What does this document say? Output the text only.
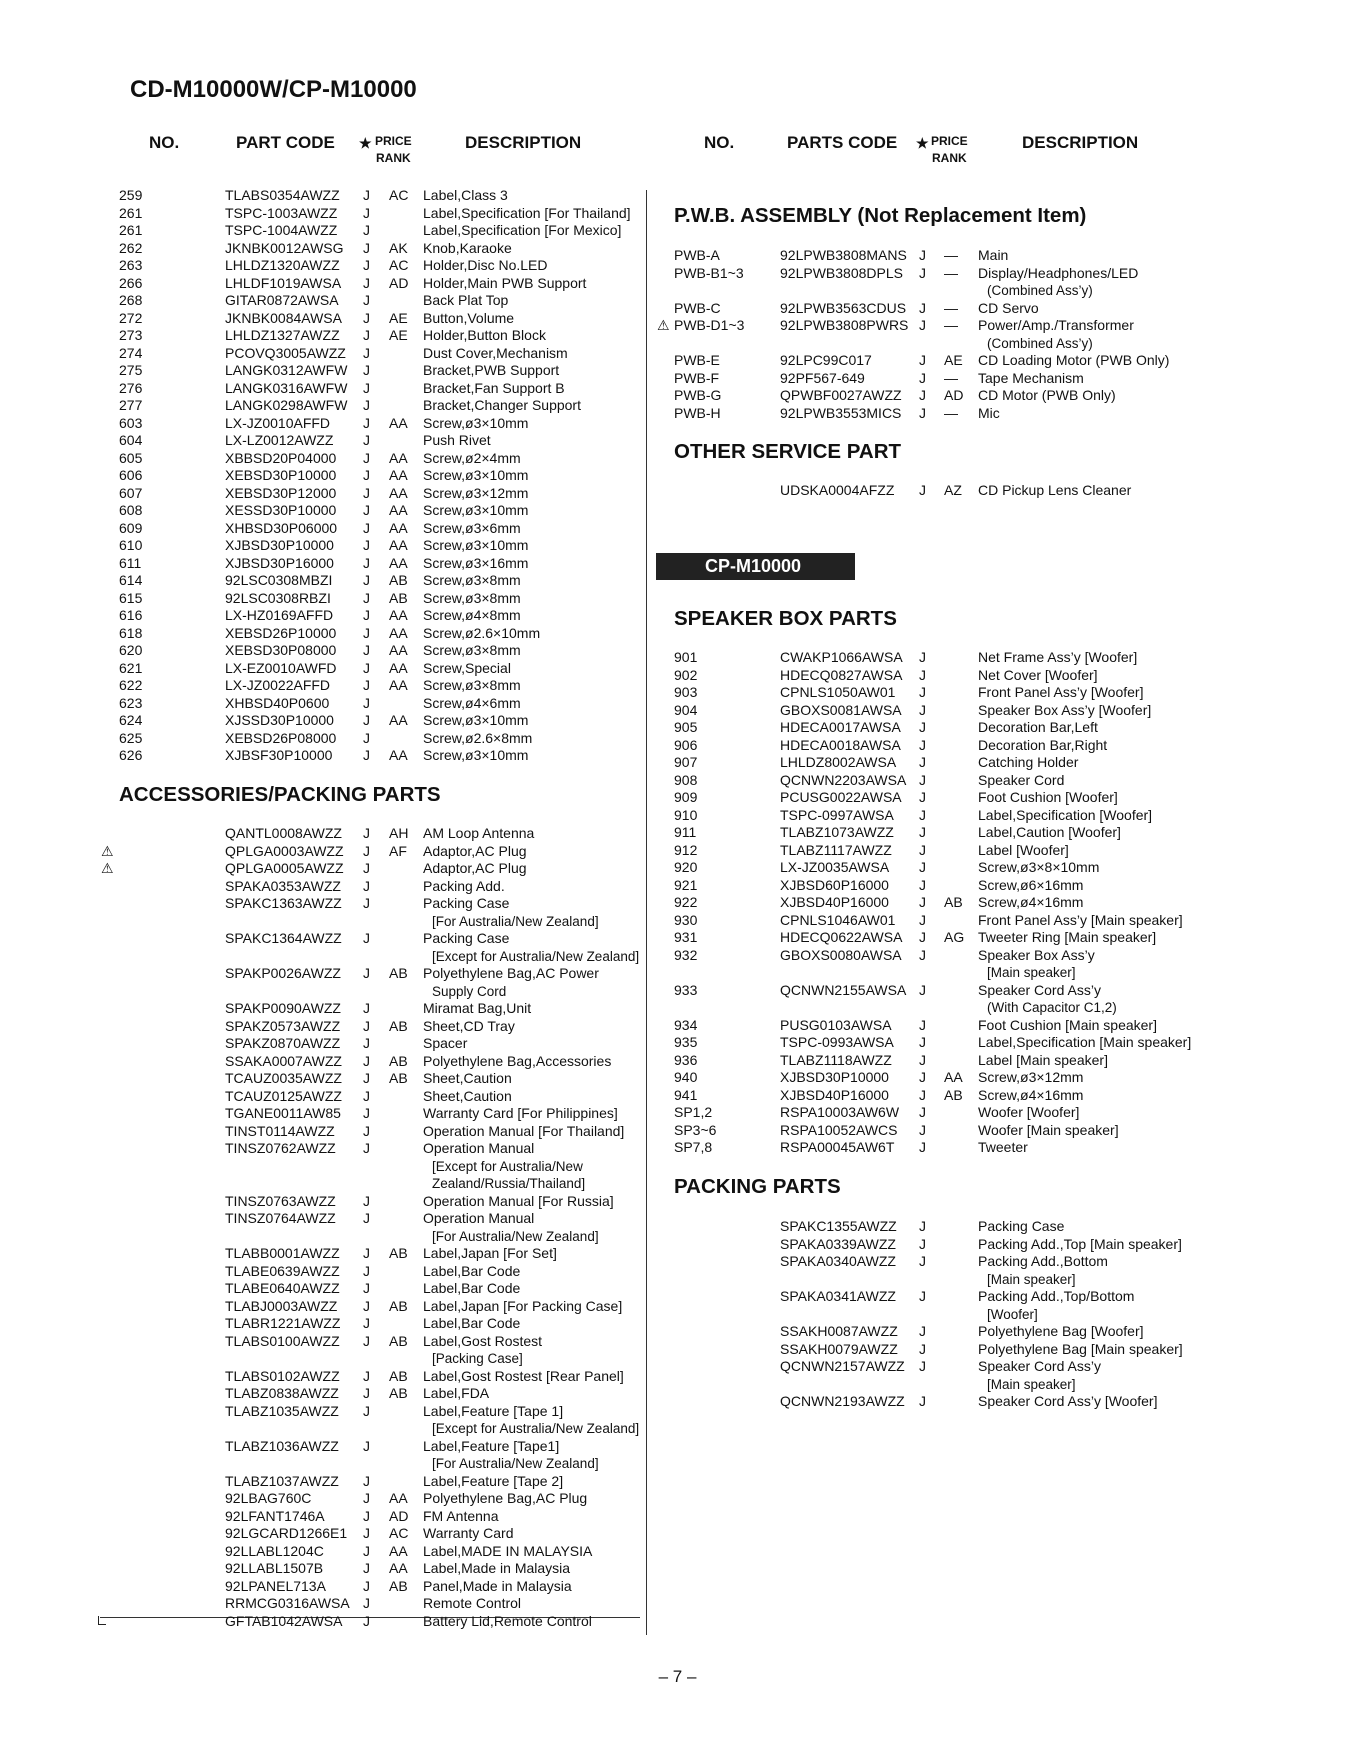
CD-M10000W/CP-M10000
NO.	PART CODE ★ PRICE
RANK
DESCRIPTION	NO.	PARTS CODE ★ PRICE
RANK
DESCRIPTION
259	TLABS0354AWZZ J AC Label,Class 3
261	TSPC-1003AWZZ J	Label,Specification [For Thailand]
261	TSPC-1004AWZZ J	Label,Specification [For Mexico]
262	JKNBK0012AWSG J AK Knob,Karaoke
263	LHLDZ1320AWZZ J AC Holder,Disc No.LED
266	LHLDF1019AWSA J AD Holder,Main PWB Support
268	GITAR0872AWSA J	Back Plat Top
272	JKNBK0084AWSA J AE Button,Volume
273	LHLDZ1327AWZZ J AE Holder,Button Block
274	PCOVQ3005AWZZ J	Dust Cover,Mechanism
275	LANGK0312AWFW J	Bracket,PWB Support
276	LANGK0316AWFW J	Bracket,Fan Support B
277	LANGK0298AWFW J	Bracket,Changer Support
603	LX-JZ0010AFFD J AA Screw,ø3×10mm
604	LX-LZ0012AWZZ J	Push Rivet
605	XBBSD20P04000 J AA Screw,ø2×4mm
606	XEBSD30P10000 J AA Screw,ø3×10mm
607	XEBSD30P12000 J AA Screw,ø3×12mm
608	XESSD30P10000 J AA Screw,ø3×10mm
609	XHBSD30P06000 J AA Screw,ø3×6mm
610	XJBSD30P10000 J AA Screw,ø3×10mm
611	XJBSD30P16000 J AA Screw,ø3×16mm
614	92LSC0308MBZI J AB Screw,ø3×8mm
615	92LSC0308RBZI J AB Screw,ø3×8mm
616	LX-HZ0169AFFD J AA Screw,ø4×8mm
618	XEBSD26P10000 J AA Screw,ø2.6×10mm
620	XEBSD30P08000 J AA Screw,ø3×8mm
621	LX-EZ0010AWFD J AA Screw,Special
622	LX-JZ0022AFFD J AA Screw,ø3×8mm
623	XHBSD40P0600 J	Screw,ø4×6mm
624	XJSSD30P10000 J AA Screw,ø3×10mm
625	XEBSD26P08000 J	Screw,ø2.6×8mm
626	XJBSF30P10000 J AA Screw,ø3×10mm
ACCESSORIES/PACKING PARTS
QANTL0008AWZZ J AH AM Loop Antenna
⚠	QPLGA0003AWZZ J AF Adaptor,AC Plug
⚠	QPLGA0005AWZZ J	Adaptor,AC Plug
SPAKA0353AWZZ J	Packing Add.
SPAKC1363AWZZ J	Packing Case
[For Australia/New Zealand]
SPAKC1364AWZZ J	Packing Case
[Except for Australia/New Zealand]
SPAKP0026AWZZ J AB Polyethylene Bag,AC Power
Supply Cord
SPAKP0090AWZZ J	Miramat Bag,Unit
SPAKZ0573AWZZ J AB Sheet,CD Tray
SPAKZ0870AWZZ J	Spacer
SSAKA0007AWZZ J AB Polyethylene Bag,Accessories
TCAUZ0035AWZZ J AB Sheet,Caution
TCAUZ0125AWZZ J	Sheet,Caution
TGANE0011AW85 J	Warranty Card [For Philippines]
TINST0114AWZZ J	Operation Manual [For Thailand]
TINSZ0762AWZZ J	Operation Manual
[Except for Australia/New
Zealand/Russia/Thailand]
TINSZ0763AWZZ J	Operation Manual [For Russia]
TINSZ0764AWZZ J	Operation Manual
[For Australia/New Zealand]
TLABB0001AWZZ J AB Label,Japan [For Set]
TLABE0639AWZZ J	Label,Bar Code
TLABE0640AWZZ J	Label,Bar Code
TLABJ0003AWZZ J AB Label,Japan [For Packing Case]
TLABR1221AWZZ J	Label,Bar Code
TLABS0100AWZZ J AB Label,Gost Rostest
[Packing Case]
TLABS0102AWZZ J AB Label,Gost Rostest [Rear Panel]
TLABZ0838AWZZ J AB Label,FDA
TLABZ1035AWZZ J	Label,Feature [Tape 1]
[Except for Australia/New Zealand]
TLABZ1036AWZZ J	Label,Feature [Tape1]
[For Australia/New Zealand]
TLABZ1037AWZZ J	Label,Feature [Tape 2]
92LBAG760C	J AA Polyethylene Bag,AC Plug
92LFANT1746A	J AD FM Antenna
92LGCARD1266E1 J AC Warranty Card
92LLABL1204C	J AA Label,MADE IN MALAYSIA
92LLABL1507B	J AA Label,Made in Malaysia
92LPANEL713A	J AB Panel,Made in Malaysia
RRMCG0316AWSA J	Remote Control
GFTAB1042AWSA J	Battery Lid,Remote Control
P.W.B. ASSEMBLY (Not Replacement Item)
PWB-A	92LPWB3808MANS J — Main
PWB-B1~3	92LPWB3808DPLS J — Display/Headphones/LED
(Combined Ass’y)
PWB-C	92LPWB3563CDUS J — CD Servo
⚠ PWB-D1~3	92LPWB3808PWRS J — Power/Amp./Transformer
(Combined Ass’y)
PWB-E	92LPC99C017	J AE CD Loading Motor (PWB Only)
PWB-F	92PF567-649	J — Tape Mechanism
PWB-G	QPWBF0027AWZZ J AD CD Motor (PWB Only)
PWB-H	92LPWB3553MICS J — Mic
OTHER SERVICE PART
UDSKA0004AFZZ J AZ CD Pickup Lens Cleaner
CP-M10000
SPEAKER BOX PARTS
901	CWAKP1066AWSA J	Net Frame Ass’y [Woofer]
902	HDECQ0827AWSA J	Net Cover [Woofer]
903	CPNLS1050AW01 J	Front Panel Ass’y [Woofer]
904	GBOXS0081AWSA J	Speaker Box Ass’y [Woofer]
905	HDECA0017AWSA J	Decoration Bar,Left
906	HDECA0018AWSA J	Decoration Bar,Right
907	LHLDZ8002AWSA J	Catching Holder
908	QCNWN2203AWSA J	Speaker Cord
909	PCUSG0022AWSA J	Foot Cushion [Woofer]
910	TSPC-0997AWSA J	Label,Specification [Woofer]
911	TLABZ1073AWZZ J	Label,Caution [Woofer]
912	TLABZ1117AWZZ J	Label [Woofer]
920	LX-JZ0035AWSA J	Screw,ø3×8×10mm
921	XJBSD60P16000 J	Screw,ø6×16mm
922	XJBSD40P16000 J AB Screw,ø4×16mm
930	CPNLS1046AW01 J	Front Panel Ass’y [Main speaker]
931	HDECQ0622AWSA J AG Tweeter Ring [Main speaker]
932	GBOXS0080AWSA J	Speaker Box Ass’y
[Main speaker]
933	QCNWN2155AWSA J	Speaker Cord Ass’y
(With Capacitor C1,2)
934	PUSG0103AWSA J	Foot Cushion [Main speaker]
935	TSPC-0993AWSA J	Label,Specification [Main speaker]
936	TLABZ1118AWZZ J	Label [Main speaker]
940	XJBSD30P10000 J AA Screw,ø3×12mm
941	XJBSD40P16000 J AB Screw,ø4×16mm
SP1,2	RSPA10003AW6W J	Woofer [Woofer]
SP3~6	RSPA10052AWCS J	Woofer [Main speaker]
SP7,8	RSPA00045AW6T J	Tweeter
PACKING PARTS
SPAKC1355AWZZ J	Packing Case
SPAKA0339AWZZ J	Packing Add.,Top [Main speaker]
SPAKA0340AWZZ J	Packing Add.,Bottom
[Main speaker]
SPAKA0341AWZZ J	Packing Add.,Top/Bottom
[Woofer]
SSAKH0087AWZZ J	Polyethylene Bag [Woofer]
SSAKH0079AWZZ J	Polyethylene Bag [Main speaker]
QCNWN2157AWZZ J	Speaker Cord Ass’y
[Main speaker]
QCNWN2193AWZZ J	Speaker Cord Ass’y [Woofer]
– 7 –
